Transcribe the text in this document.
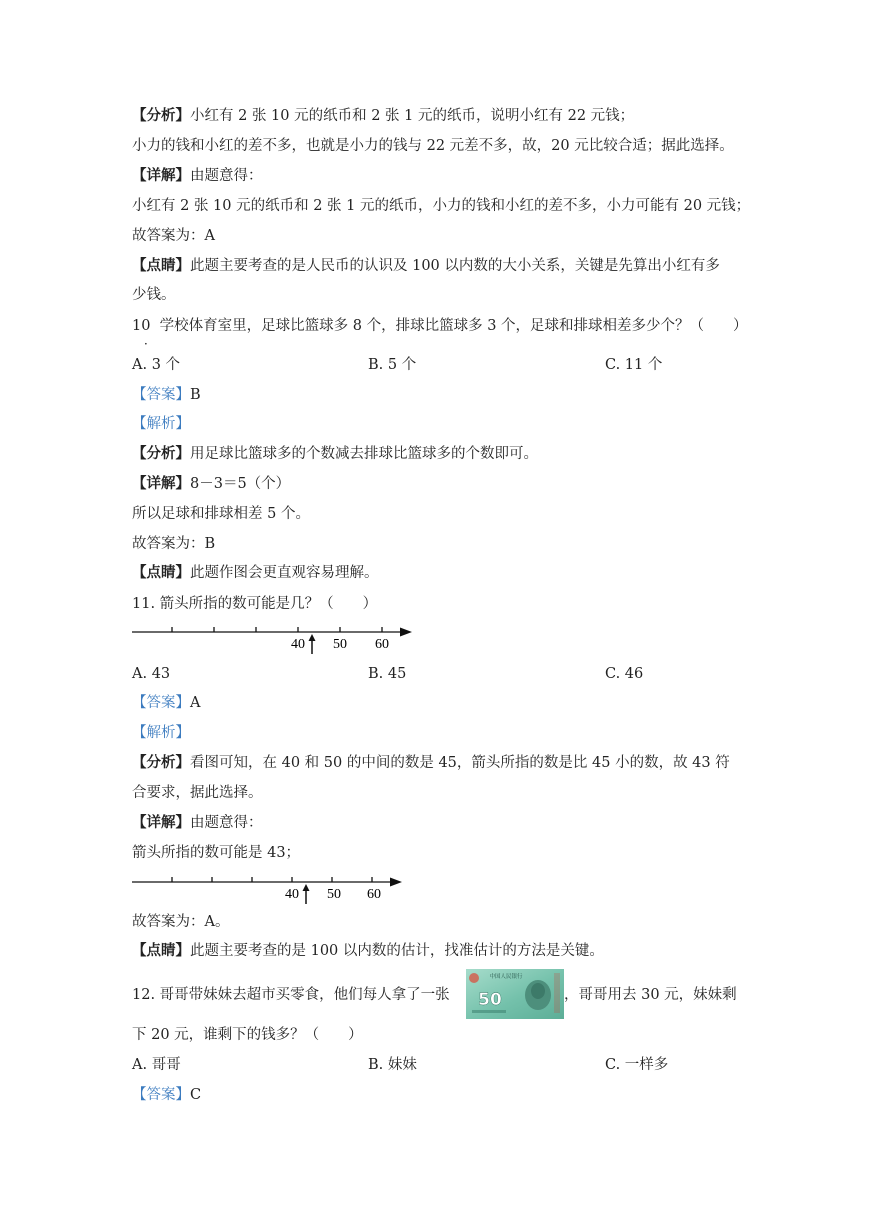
【分析】小红有 2 张 10 元的纸币和 2 张 1 元的纸币，说明小红有 22 元钱；
小力的钱和小红的差不多，也就是小力的钱与 22 元差不多，故，20 元比较合适；据此选择。
【详解】由题意得：
小红有 2 张 10 元的纸币和 2 张 1 元的纸币，小力的钱和小红的差不多，小力可能有 20 元钱；
故答案为：A
【点睛】此题主要考查的是人民币的认识及 100 以内数的大小关系，关键是先算出小红有多
少钱。
10 学校体育室里，足球比篮球多 8 个，排球比篮球多 3 个，足球和排球相差多少个？（　　）
．
A. 3 个	B. 5 个	C. 11 个
【答案】B
【解析】
【分析】用足球比篮球多的个数减去排球比篮球多的个数即可。
【详解】8－3＝5（个）
所以足球和排球相差 5 个。
故答案为：B
【点睛】此题作图会更直观容易理解。
11. 箭头所指的数可能是几？（　　）
40 50 60
A. 43	B. 45	C. 46
【答案】A
【解析】
【分析】看图可知，在 40 和 50 的中间的数是 45，箭头所指的数是比 45 小的数，故 43 符
合要求，据此选择。
【详解】由题意得：
箭头所指的数可能是 43；
40 50 60
故答案为：A。
【点睛】此题主要考查的是 100 以内数的估计，找准估计的方法是关键。
12. 哥哥带妹妹去超市买零食，他们每人拿了一张
中国人民银行
50	，哥哥用去 30 元，妹妹剩
下 20 元，谁剩下的钱多？（　　）
A. 哥哥	B. 妹妹	C. 一样多
【答案】C
